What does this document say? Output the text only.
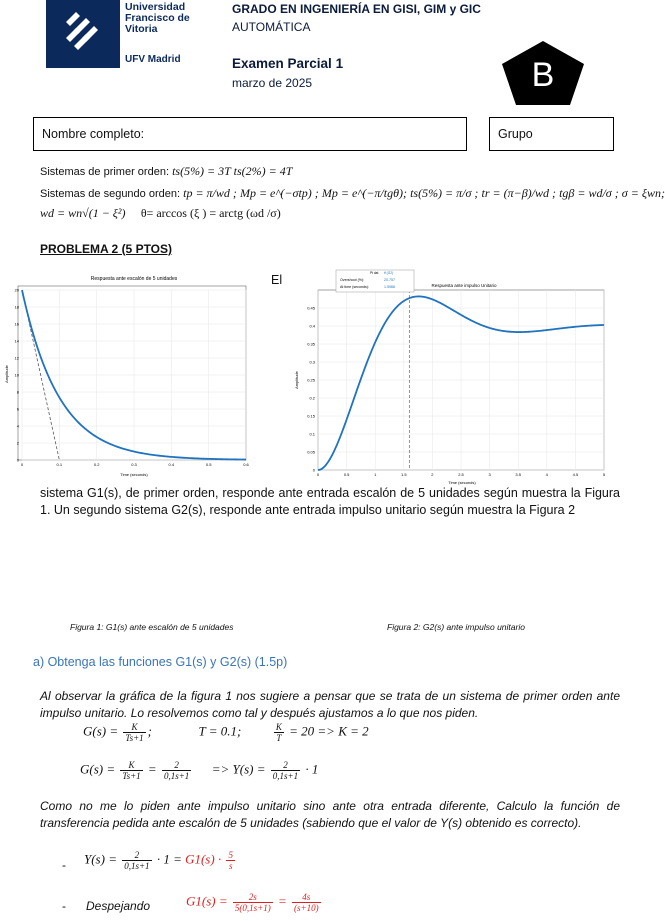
Universidad
Francisco de
Vitoria
UFV Madrid
GRADO EN INGENIERÍA EN GISI, GIM y GIC
AUTOMÁTICA
Examen Parcial 1
marzo de 2025	B
Nombre completo:	Grupo
Sistemas de primer orden: ts(5%) = 3T ts(2%) = 4T
Sistemas de segundo orden: tp = π/wd ; Mp = e^(−σtp) ; Mp = e^(−π/tgθ); ts(5%) = π/σ ; tr = (π−β)/wd ; tgβ = wd/σ ; σ = ξwn;
wd = wn√(1 − ξ²) θ= arccos (ξ ) = arctg (ωd /σ)
PROBLEMA 2 (5 PTOS)
Respuesta ante escalón de 5 unidades
Time (seconds)
Amplitude
0	0.1	0.2	0.3	0.4	0.5	0.6
0
2
4
6
8
10
12
14
16
18
20
El	Respuesta ante impulso Unitario
Time (seconds)
Amplitude
0	0.5	1	1.5	2	2.5	3	3.5	4	4.5	5
0
0.05
0.1
0.15
0.2
0.25
0.3
0.35
0.4
0.45
Pt dat tf (G2)
Overshoot (%):	20.757
At time (seconds):	1.5966
sistema G1(s), de primer orden, responde ante entrada escalón de 5 unidades según muestra la Figura 1. Un segundo sistema G2(s), responde ante entrada impulso unitario según muestra la Figura 2
Figura 1: G1(s) ante escalón de 5 unidades	Figura 2: G2(s) ante impulso unitario
a) Obtenga las funciones G1(s) y G2(s) (1.5p)
Al observar la gráfica de la figura 1 nos sugiere a pensar que se trata de un sistema de primer orden ante impulso unitario. Lo resolvemos como tal y después ajustamos a lo que nos piden.
$G(s) = \frac{K}{Ts+1}$ ;	T = 0.1;	$\frac{K}{T} = 20 => K = 2$
$G(s) = \frac{K}{Ts+1} = \frac{2}{0,1s+1} => Y(s) = \frac{2}{0,1s+1} \cdot 1$
Como no me lo piden ante impulso unitario sino ante otra entrada diferente, Calculo la función de transferencia pedida ante escalón de 5 unidades (sabiendo que el valor de Y(s) obtenido es correcto).
- $Y(s) = \frac{2}{0,1s+1} \cdot 1 = G1(s) \cdot \frac{5}{s}$
- Despejando	$G1(s) = \frac{2s}{5(0,1s+1)} = \frac{4s}{(s+10)}$
